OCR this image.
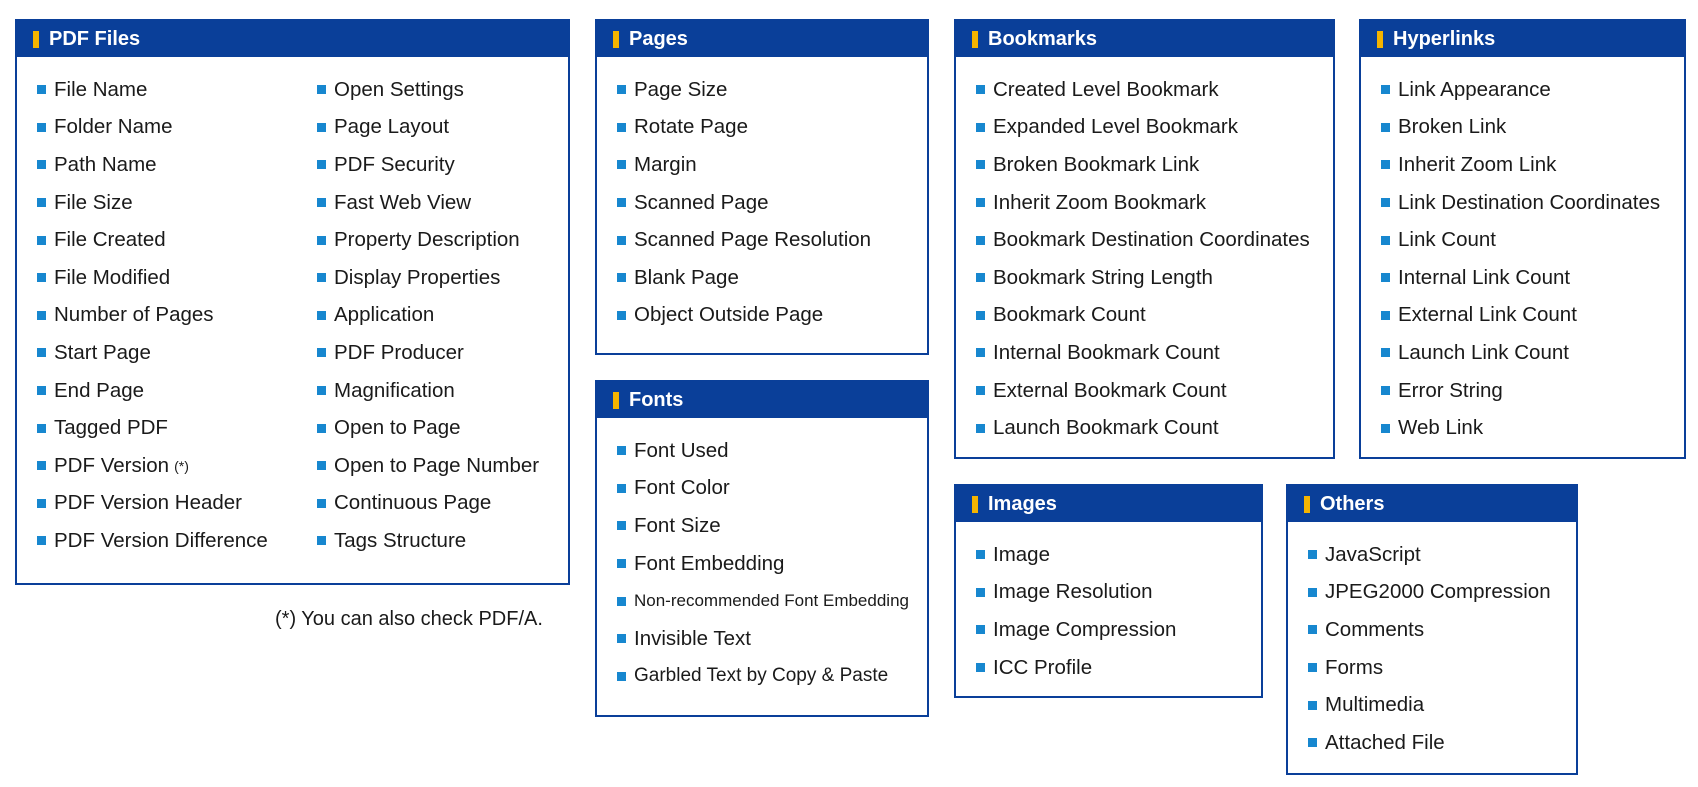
PDF Files
File Name
Folder Name
Path Name
File Size
File Created
File Modified
Number of Pages
Start Page
End Page
Tagged PDF
PDF Version (*)
PDF Version Header
PDF Version Difference
Open Settings
Page Layout
PDF Security
Fast Web View
Property Description
Display Properties
Application
PDF Producer
Magnification
Open to Page
Open to Page Number
Continuous Page
Tags Structure
(*) You can also check PDF/A.
Pages
Page Size
Rotate Page
Margin
Scanned Page
Scanned Page Resolution
Blank Page
Object Outside Page
Fonts
Font Used
Font Color
Font Size
Font Embedding
Non-recommended Font Embedding
Invisible Text
Garbled Text by Copy & Paste
Bookmarks
Created Level Bookmark
Expanded Level Bookmark
Broken Bookmark Link
Inherit Zoom Bookmark
Bookmark Destination Coordinates
Bookmark String Length
Bookmark Count
Internal Bookmark Count
External Bookmark Count
Launch Bookmark Count
Images
Image
Image Resolution
Image Compression
ICC Profile
Hyperlinks
Link Appearance
Broken Link
Inherit Zoom Link
Link Destination Coordinates
Link Count
Internal Link Count
External Link Count
Launch Link Count
Error String
Web Link
Others
JavaScript
JPEG2000 Compression
Comments
Forms
Multimedia
Attached File
